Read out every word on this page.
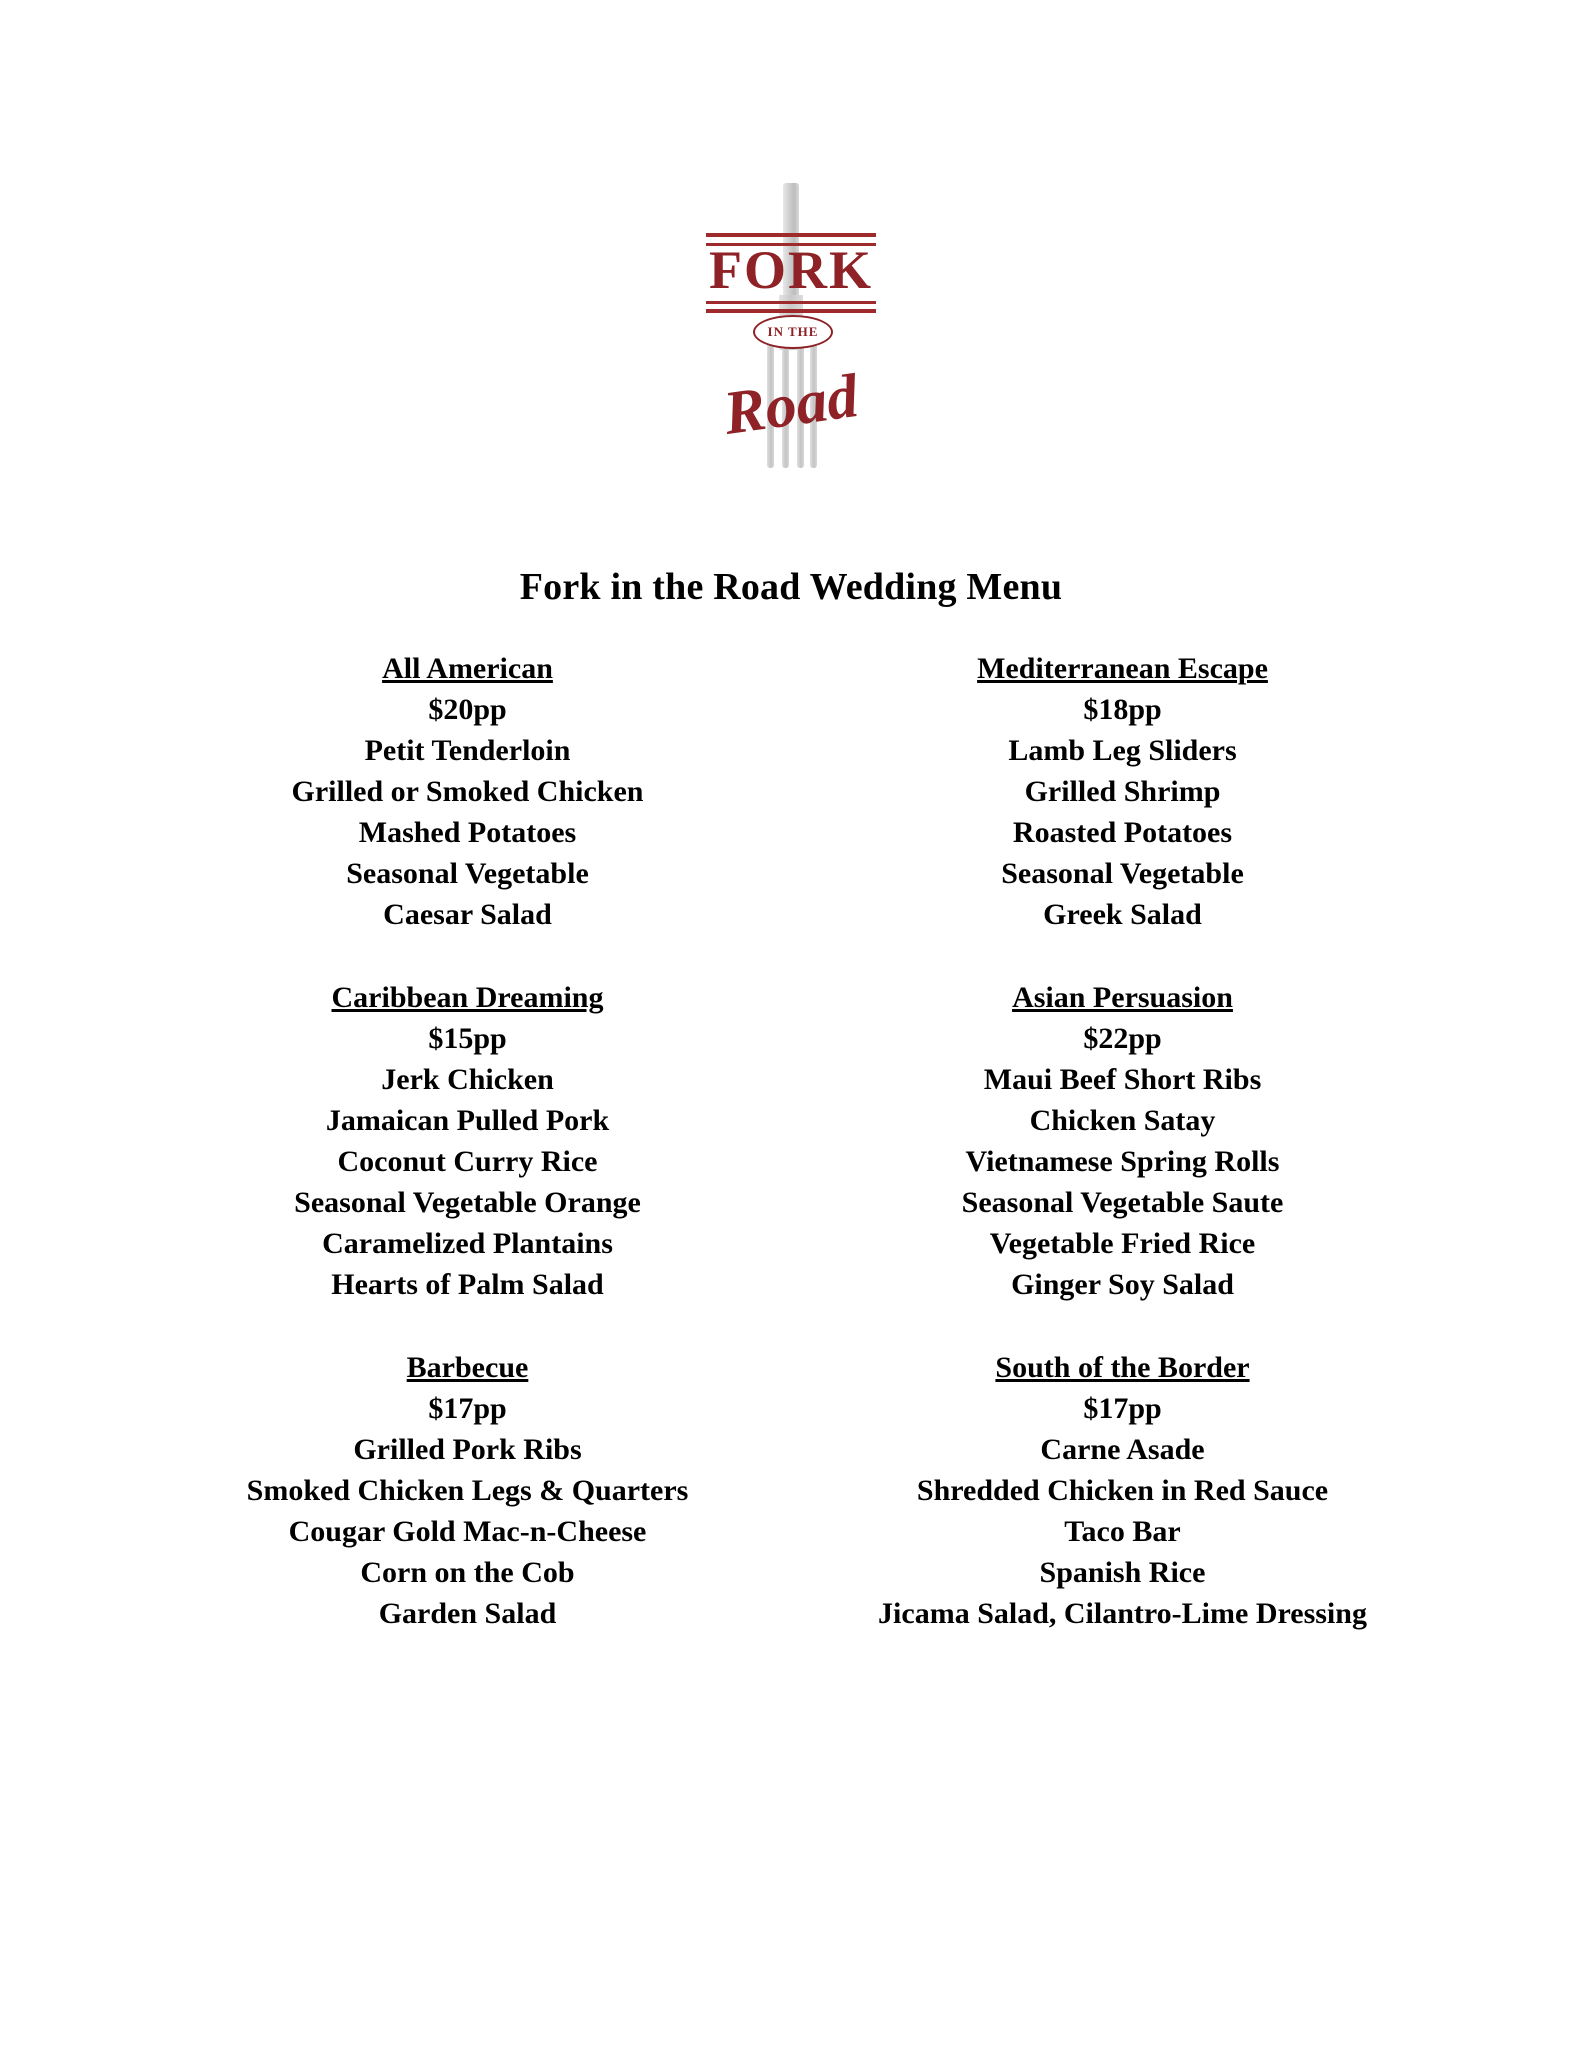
FORK
IN THE
Road
Fork in the Road Wedding Menu
All American
$20pp
Petit Tenderloin
Grilled or Smoked Chicken
Mashed Potatoes
Seasonal Vegetable
Caesar Salad
Mediterranean Escape
$18pp
Lamb Leg Sliders
Grilled Shrimp
Roasted Potatoes
Seasonal Vegetable
Greek Salad
Caribbean Dreaming
$15pp
Jerk Chicken
Jamaican Pulled Pork
Coconut Curry Rice
Seasonal Vegetable Orange
Caramelized Plantains
Hearts of Palm Salad
Asian Persuasion
$22pp
Maui Beef Short Ribs
Chicken Satay
Vietnamese Spring Rolls
Seasonal Vegetable Saute
Vegetable Fried Rice
Ginger Soy Salad
Barbecue
$17pp
Grilled Pork Ribs
Smoked Chicken Legs & Quarters
Cougar Gold Mac-n-Cheese
Corn on the Cob
Garden Salad
South of the Border
$17pp
Carne Asade
Shredded Chicken in Red Sauce
Taco Bar
Spanish Rice
Jicama Salad, Cilantro-Lime Dressing
